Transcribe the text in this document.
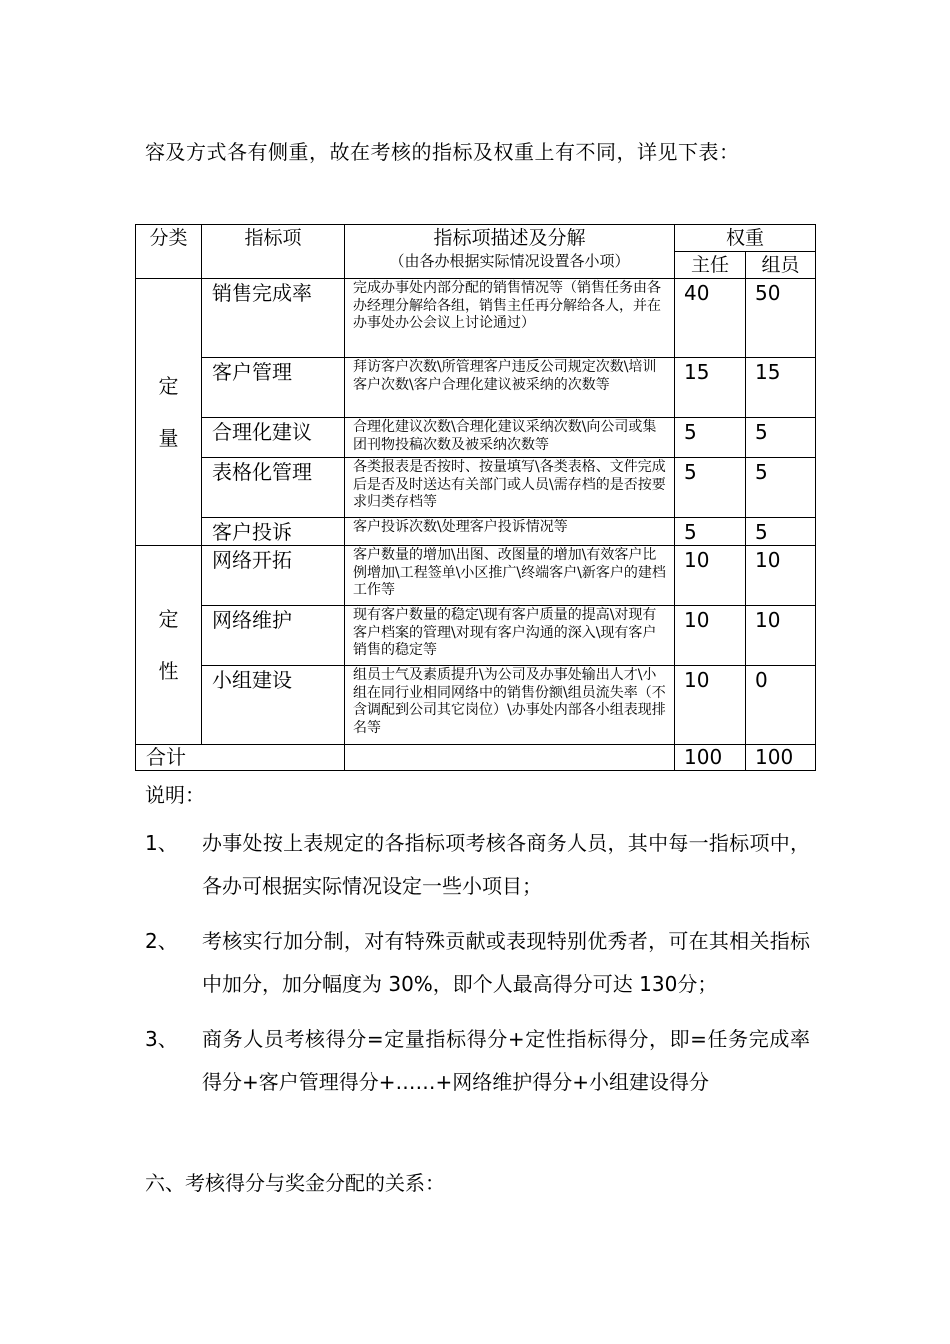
容及方式各有侧重，故在考核的指标及权重上有不同，详见下表：
分类	指标项	指标项描述及分解
（由各办根据实际情况设置各小项）	权重	
			主任	组员
定
量	销售完成率	完成办事处内部分配的销售情况等（销售任务由各办经理分解给各组，销售主任再分解给各人，并在办事处办公会议上讨论通过）	40	50
	客户管理	拜访客户次数\所管理客户违反公司规定次数\培训客户次数\客户合理化建议被采纳的次数等	15	15
	合理化建议	合理化建议次数\合理化建议采纳次数\向公司或集团刊物投稿次数及被采纳次数等	5	5
	表格化管理	各类报表是否按时、按量填写\各类表格、文件完成后是否及时送达有关部门或人员\需存档的是否按要求归类存档等	5	5
	客户投诉	客户投诉次数\处理客户投诉情况等	5	5
定
性	网络开拓	客户数量的增加\出图、改图量的增加\有效客户比例增加\工程签单\小区推广\终端客户\新客户的建档工作等	10	10
	网络维护	现有客户数量的稳定\现有客户质量的提高\对现有客户档案的管理\对现有客户沟通的深入\现有客户销售的稳定等	10	10
	小组建设	组员士气及素质提升\为公司及办事处输出人才\小组在同行业相同网络中的销售份额\组员流失率（不含调配到公司其它岗位）\办事处内部各小组表现排名等	10	0
合计			100	100

说明：

1、	办事处按上表规定的各指标项考核各商务人员，其中每一指标项中，各办可根据实际情况设定一些小项目；
2、	考核实行加分制，对有特殊贡献或表现特别优秀者，可在其相关指标中加分，加分幅度为 30%，即个人最高得分可达 130分；
3、	商务人员考核得分=定量指标得分+定性指标得分，即=任务完成率得分+客户管理得分+……+网络维护得分+小组建设得分
六、考核得分与奖金分配的关系：
